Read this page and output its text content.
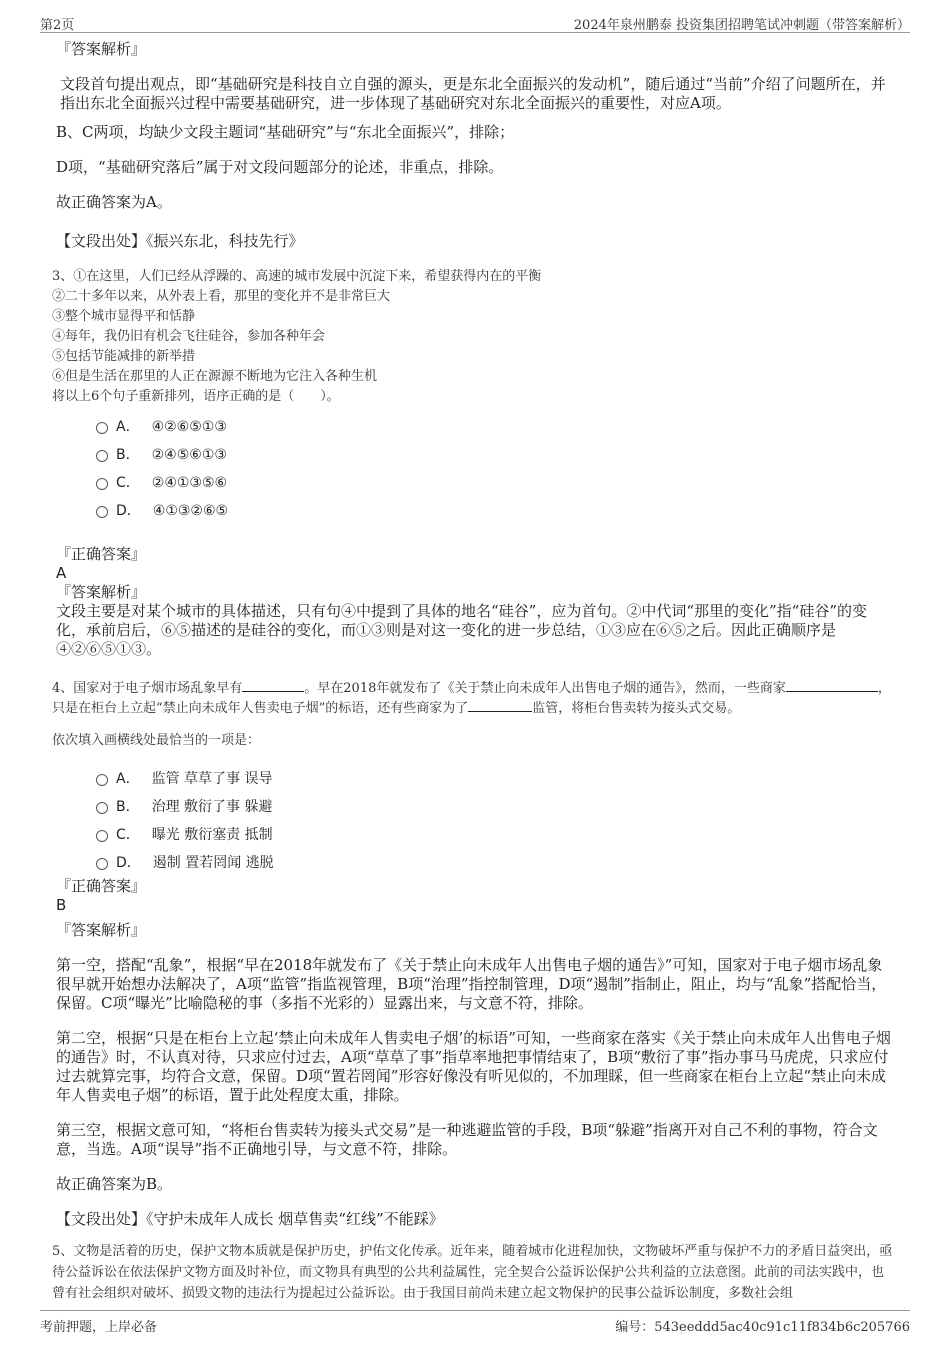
第2页	2024年泉州鹏泰 投资集团招聘笔试冲刺题（带答案解析）

『答案解析』

文段首句提出观点，即“基础研究是科技自立自强的源头，更是东北全面振兴的发动机”，随后通过“当前”介绍了问题所在，并指出东北全面振兴过程中需要基础研究，进一步体现了基础研究对东北全面振兴的重要性，对应A项。

B、C两项，均缺少文段主题词“基础研究”与“东北全面振兴”，排除；

D项，“基础研究落后”属于对文段问题部分的论述，非重点，排除。

故正确答案为A。

【文段出处】《振兴东北，科技先行》

3、①在这里，人们已经从浮躁的、高速的城市发展中沉淀下来，希望获得内在的平衡

②二十多年以来，从外表上看，那里的变化并不是非常巨大

③整个城市显得平和恬静

④每年，我仍旧有机会飞往硅谷，参加各种年会

⑤包括节能减排的新举措

⑥但是生活在那里的人正在源源不断地为它注入各种生机

将以上6个句子重新排列，语序正确的是（　　）。

A． ④②⑥⑤①③
B． ②④⑤⑥①③
C． ②④①③⑤⑥
D． ④①③②⑥⑤

『正确答案』

A

『答案解析』

文段主要是对某个城市的具体描述，只有句④中提到了具体的地名“硅谷”，应为首句。②中代词“那里的变化”指“硅谷”的变化，承前启后，⑥⑤描述的是硅谷的变化，而①③则是对这一变化的进一步总结，①③应在⑥⑤之后。因此正确顺序是④②⑥⑤①③。

4、国家对于电子烟市场乱象早有	。早在2018年就发布了《关于禁止向未成年人出售电子烟的通告》，然而，一些商家	，只是在柜台上立起“禁止向未成年人售卖电子烟”的标语，还有些商家为了	监管，将柜台售卖转为接头式交易。

依次填入画横线处最恰当的一项是：

A． 监管 草草了事 误导
B． 治理 敷衍了事 躲避
C． 曝光 敷衍塞责 抵制
D． 遏制 置若罔闻 逃脱

『正确答案』

B

『答案解析』

第一空，搭配“乱象”，根据“早在2018年就发布了《关于禁止向未成年人出售电子烟的通告》”可知，国家对于电子烟市场乱象很早就开始想办法解决了，A项“监管”指监视管理，B项“治理”指控制管理，D项“遏制”指制止，阻止，均与“乱象”搭配恰当，保留。C项“曝光”比喻隐秘的事（多指不光彩的）显露出来，与文意不符，排除。

第二空，根据“只是在柜台上立起‘禁止向未成年人售卖电子烟’的标语”可知，一些商家在落实《关于禁止向未成年人出售电子烟的通告》时，不认真对待，只求应付过去，A项“草草了事”指草率地把事情结束了，B项“敷衍了事”指办事马马虎虎，只求应付过去就算完事，均符合文意，保留。D项“置若罔闻”形容好像没有听见似的，不加理睬，但一些商家在柜台上立起“禁止向未成年人售卖电子烟”的标语，置于此处程度太重，排除。

第三空，根据文意可知，“将柜台售卖转为接头式交易”是一种逃避监管的手段，B项“躲避”指离开对自己不利的事物，符合文意，当选。A项“误导”指不正确地引导，与文意不符，排除。

故正确答案为B。

【文段出处】《守护未成年人成长 烟草售卖“红线”不能踩》

5、文物是活着的历史，保护文物本质就是保护历史，护佑文化传承。近年来，随着城市化进程加快，文物破坏严重与保护不力的矛盾日益突出，亟待公益诉讼在依法保护文物方面及时补位，而文物具有典型的公共利益属性，完全契合公益诉讼保护公共利益的立法意图。此前的司法实践中，也曾有社会组织对破坏、损毁文物的违法行为提起过公益诉讼。由于我国目前尚未建立起文物保护的民事公益诉讼制度，多数社会组

考前押题，上岸必备	编号：543eeddd5ac40c91c11f834b6c205766
